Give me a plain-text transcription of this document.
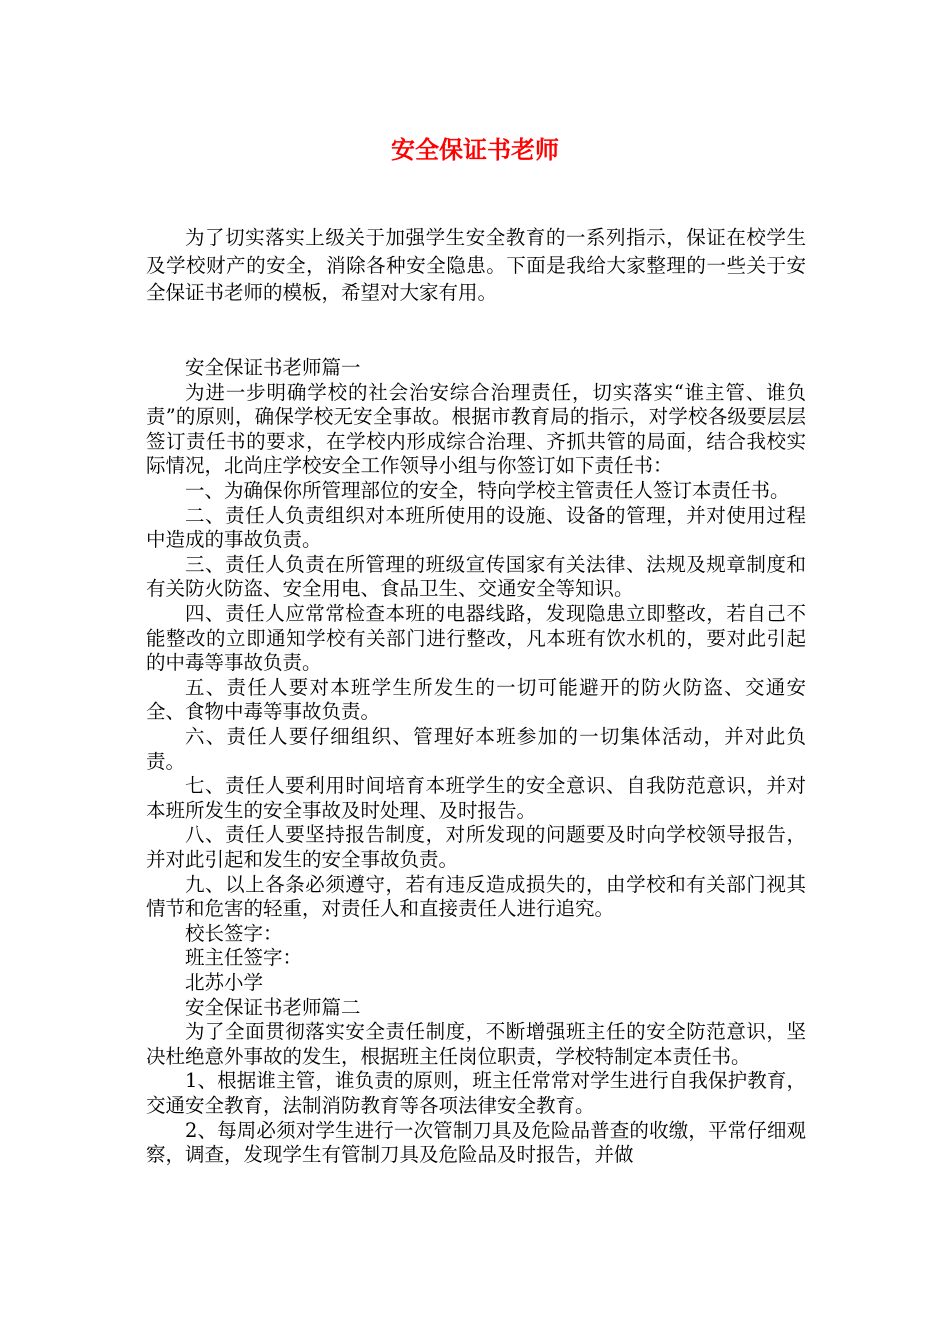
安全保证书老师

为了切实落实上级关于加强学生安全教育的一系列指示，保证在校学生及学校财产的安全，消除各种安全隐患。下面是我给大家整理的一些关于安全保证书老师的模板，希望对大家有用。

安全保证书老师篇一

为进一步明确学校的社会治安综合治理责任，切实落实“谁主管、谁负责”的原则，确保学校无安全事故。根据市教育局的指示，对学校各级要层层签订责任书的要求，在学校内形成综合治理、齐抓共管的局面，结合我校实际情况，北尚庄学校安全工作领导小组与你签订如下责任书：

一、为确保你所管理部位的安全，特向学校主管责任人签订本责任书。

二、责任人负责组织对本班所使用的设施、设备的管理，并对使用过程中造成的事故负责。

三、责任人负责在所管理的班级宣传国家有关法律、法规及规章制度和有关防火防盗、安全用电、食品卫生、交通安全等知识。

四、责任人应常常检查本班的电器线路，发现隐患立即整改，若自己不能整改的立即通知学校有关部门进行整改，凡本班有饮水机的，要对此引起的中毒等事故负责。

五、责任人要对本班学生所发生的一切可能避开的防火防盗、交通安全、食物中毒等事故负责。

六、责任人要仔细组织、管理好本班参加的一切集体活动，并对此负责。

七、责任人要利用时间培育本班学生的安全意识、自我防范意识，并对本班所发生的安全事故及时处理、及时报告。

八、责任人要坚持报告制度，对所发现的问题要及时向学校领导报告，并对此引起和发生的安全事故负责。

九、以上各条必须遵守，若有违反造成损失的，由学校和有关部门视其情节和危害的轻重，对责任人和直接责任人进行追究。

校长签字：

班主任签字：

北苏小学

安全保证书老师篇二

为了全面贯彻落实安全责任制度，不断增强班主任的安全防范意识，坚决杜绝意外事故的发生，根据班主任岗位职责，学校特制定本责任书。

1、根据谁主管，谁负责的原则，班主任常常对学生进行自我保护教育，交通安全教育，法制消防教育等各项法律安全教育。

2、每周必须对学生进行一次管制刀具及危险品普查的收缴，平常仔细观察，调查，发现学生有管制刀具及危险品及时报告，并做
